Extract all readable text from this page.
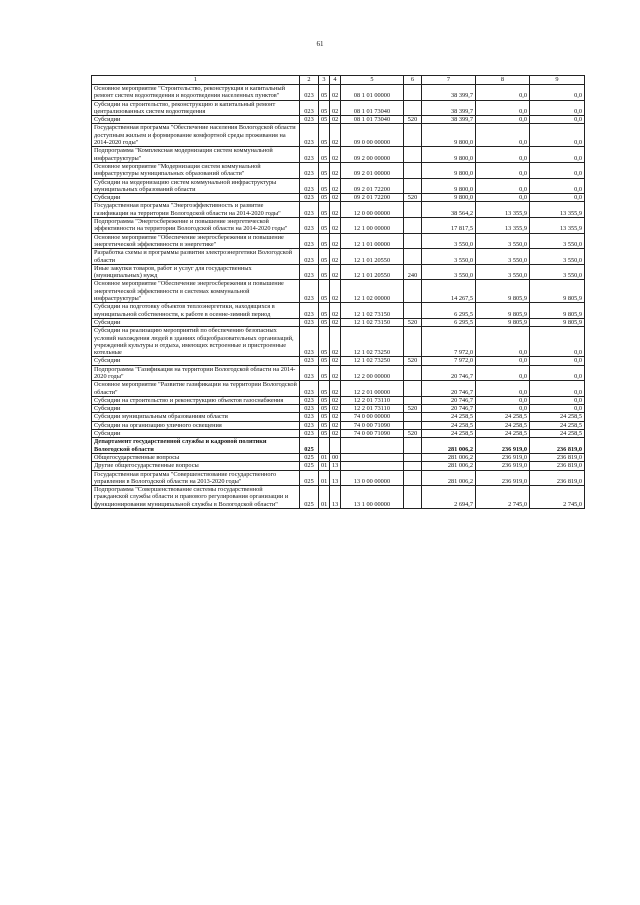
61
1	2	3	4	5	6	7	8	9
Основное мероприятие "Строительство, реконструкция и капитальный ремонт систем водоотведения и водоотведения населенных пунктов"	023	05	02	08 1 01 00000		38 399,7	0,0	0,0
Субсидии на строительство, реконструкцию и капитальный ремонт централизованных систем водоотведения	023	05	02	08 1 01 73040		38 399,7	0,0	0,0
Субсидии	023	05	02	08 1 01 73040	520	38 399,7	0,0	0,0
Государственная программа "Обеспечение населения Вологодской области доступным жильем и формирование комфортной среды проживания на 2014-2020 годы"	023	05	02	09 0 00 00000		9 800,0	0,0	0,0
Подпрограмма "Комплексная модернизация систем коммунальной инфраструктуры"	023	05	02	09 2 00 00000		9 800,0	0,0	0,0
Основное мероприятие "Модернизация систем коммунальной инфраструктуры муниципальных образований области"	023	05	02	09 2 01 00000		9 800,0	0,0	0,0
Субсидии на модернизацию систем коммунальной инфраструктуры муниципальных образований области	023	05	02	09 2 01 72200		9 800,0	0,0	0,0
Субсидии	023	05	02	09 2 01 72200	520	9 800,0	0,0	0,0
Государственная программа "Энергоэффективность и развитие газификации на территории Вологодской области на 2014-2020 годы"	023	05	02	12 0 00 00000		38 564,2	13 355,9	13 355,9
Подпрограмма "Энергосбережение и повышение энергетической эффективности на территории Вологодской области на 2014-2020 годы"	023	05	02	12 1 00 00000		17 817,5	13 355,9	13 355,9
Основное мероприятие "Обеспечение энергосбережения и повышение энергетической эффективности в энергетике"	023	05	02	12 1 01 00000		3 550,0	3 550,0	3 550,0
Разработка схемы и программы развития электроэнергетики Вологодской области	023	05	02	12 1 01 20550		3 550,0	3 550,0	3 550,0
Иные закупки товаров, работ и услуг для государственных (муниципальных) нужд	023	05	02	12 1 01 20550	240	3 550,0	3 550,0	3 550,0
Основное мероприятие "Обеспечение энергосбережения и повышение энергетической эффективности в системах коммунальной инфраструктуры"	023	05	02	12 1 02 00000		14 267,5	9 805,9	9 805,9
Субсидии на подготовку объектов теплоэнергетики, находящихся в муниципальной собственности, к работе в осенне-зимний период	023	05	02	12 1 02 73150		6 295,5	9 805,9	9 805,9
Субсидии	023	05	02	12 1 02 73150	520	6 295,5	9 805,9	9 805,9
Субсидии на реализацию мероприятий по обеспечению безопасных условий нахождения людей в зданиях общеобразовательных организаций, учреждений культуры и отдыха, имеющих встроенные и пристроенные котельные	023	05	02	12 1 02 73250		7 972,0	0,0	0,0
Субсидии	023	05	02	12 1 02 73250	520	7 972,0	0,0	0,0
Подпрограмма "Газификация на территории Вологодской области на 2014-2020 годы"	023	05	02	12 2 00 00000		20 746,7	0,0	0,0
Основное мероприятие "Развитие газификации на территории Вологодской области"	023	05	02	12 2 01 00000		20 746,7	0,0	0,0
Субсидии на строительство и реконструкцию объектов газоснабжения	023	05	02	12 2 01 73110		20 746,7	0,0	0,0
Субсидии	023	05	02	12 2 01 73110	520	20 746,7	0,0	0,0
Субсидии муниципальным образованиям области	023	05	02	74 0 00 00000		24 258,5	24 258,5	24 258,5
Субсидии на организацию уличного освещения	023	05	02	74 0 00 71090		24 258,5	24 258,5	24 258,5
Субсидии	023	05	02	74 0 00 71090	520	24 258,5	24 258,5	24 258,5
Департамент государственной службы и кадровой политики Вологодской области	025					281 006,2	236 919,0	236 819,0
Общегосударственные вопросы	025	01	00			281 006,2	236 919,0	236 819,0
Другие общегосударственные вопросы	025	01	13			281 006,2	236 919,0	236 819,0
Государственная программа "Совершенствование государственного управления в Вологодской области на 2013-2020 годы"	025	01	13	13 0 00 00000		281 006,2	236 919,0	236 819,0
Подпрограмма "Совершенствование системы государственной гражданской службы области и правового регулирования организации и функционирования муниципальной службы в Вологодской области"	025	01	13	13 1 00 00000		2 694,7	2 745,0	2 745,0
